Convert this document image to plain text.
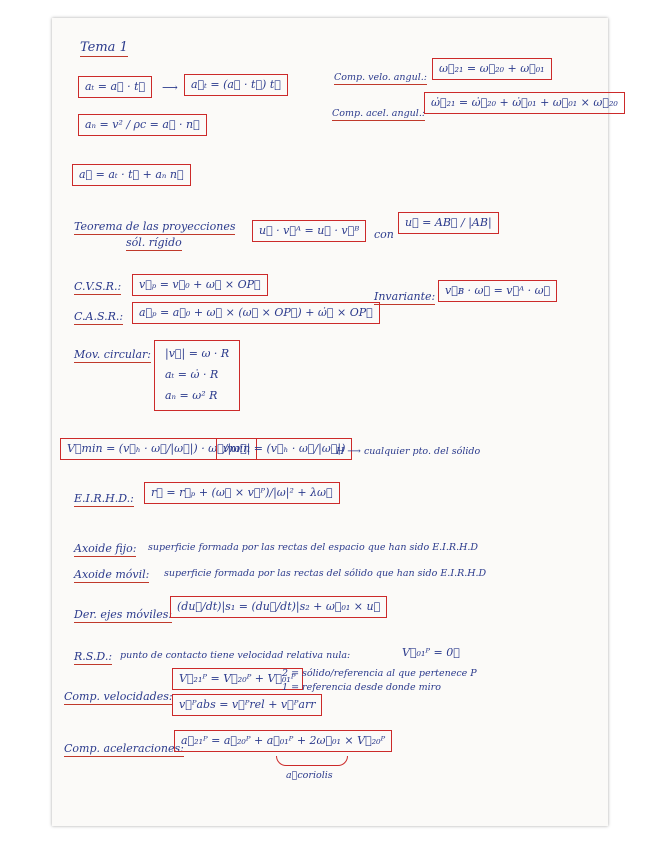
Tema 1
aₜ = a⃗ · t⃗	⟶	a⃗ₜ = (a⃗ · t⃗) t⃗
Comp. velo. angul.:
ω⃗₂₁ = ω⃗₂₀ + ω⃗₀₁
Comp. acel. angul.:
ω̇⃗₂₁ = ω̇⃗₂₀ + ω̇⃗₀₁ + ω⃗₀₁ × ω⃗₂₀
aₙ = v² / ρc = a⃗ · n⃗
a⃗ = aₜ · t⃗ + aₙ n⃗
Teorema de las proyecciones
sól. rígido
u⃗ · v⃗ᴬ = u⃗ · v⃗ᴮ	con
u⃗ = AB⃗ / |AB|
C.V.S.R.:	v⃗ₚ = v⃗₀ + ω⃗ × OP⃗
Invariante: v⃗ʙ · ω⃗ = v⃗ᴬ · ω⃗
C.A.S.R.:	a⃗ₚ = a⃗₀ + ω⃗ × (ω⃗ × OP⃗) + ω̇⃗ × OP⃗
Mov. circular: |v⃗| = ω · R
aₜ = ω̇ · R
aₙ = ω² R
V⃗min = (v⃗ₕ · ω⃗/|ω⃗|) · ω⃗/|ω⃗|
vmin = (v⃗ₕ · ω⃗/|ω⃗|)
H ⟶ cualquier pto. del sólido
E.I.R.H.D.:	r⃗ = r⃗ₚ + (ω⃗ × v⃗ᴾ)/|ω|² + λω⃗
Axoide fijo: superficie formada por las rectas del espacio que han sido E.I.R.H.D
Axoide móvil: superficie formada por las rectas del sólido que han sido E.I.R.H.D
Der. ejes móviles:
(du⃗/dt)|s₁ = (du⃗/dt)|s₂ + ω⃗₀₁ × u⃗
R.S.D.: punto de contacto tiene velocidad relativa nula:	V⃗₀₁ᴾ = 0⃗
Comp. velocidades:
V⃗₂₁ᴾ = V⃗₂₀ᴾ + V⃗₀₁ᴾ
v⃗ᴾabs = v⃗ᴾrel + v⃗ᴾarr
2 = sólido/referencia al que pertenece P
1 = referencia desde donde miro
Comp. aceleraciones:
a⃗₂₁ᴾ = a⃗₂₀ᴾ + a⃗₀₁ᴾ + 2ω⃗₀₁ × V⃗₂₀ᴾ
a⃗coriolis
